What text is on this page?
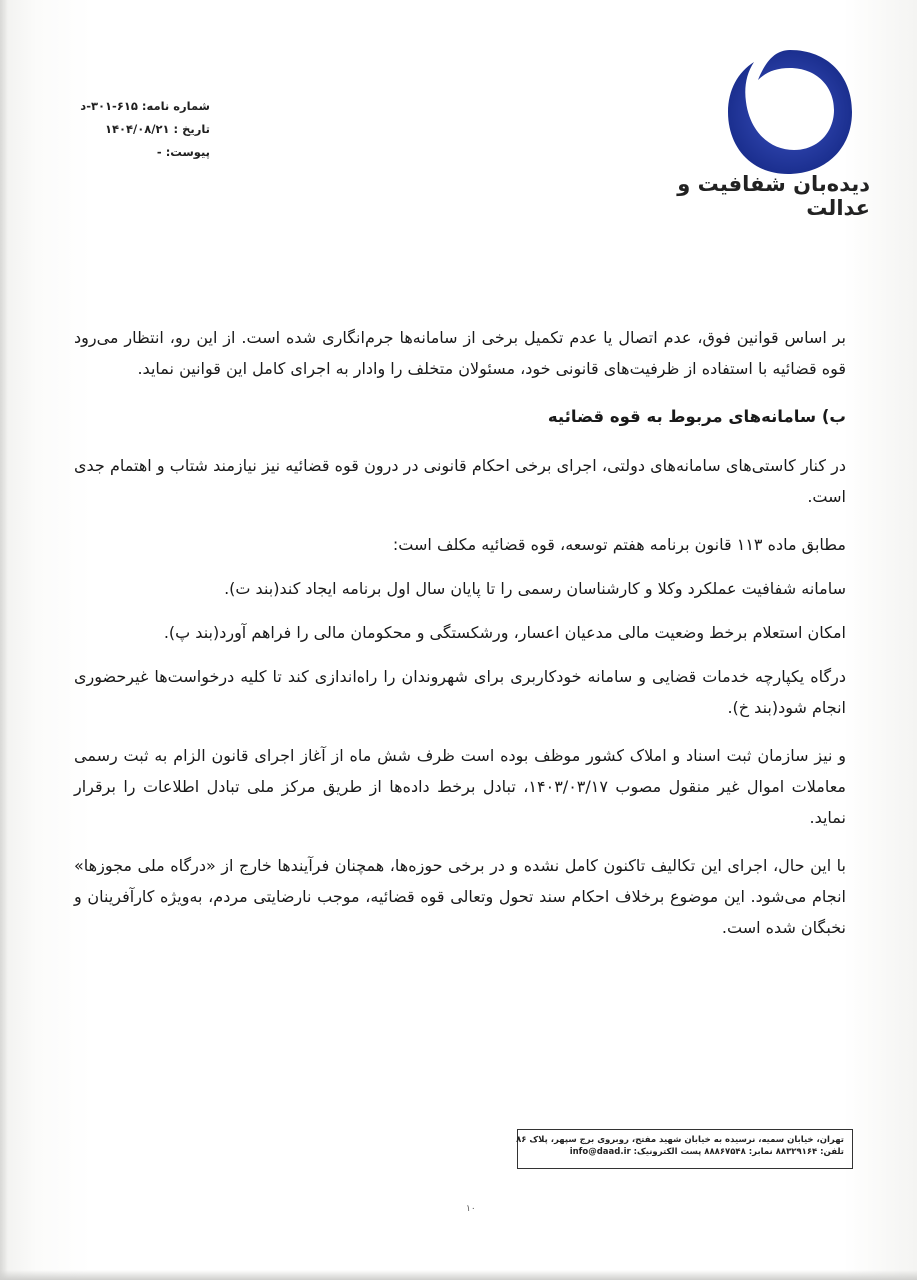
دیده‌بان شفافیت و عدالت
شماره نامه: ۶۱۵-۳۰۱-د
تاریخ : ۱۴۰۴/۰۸/۲۱
پیوست: -

بر اساس قوانین فوق، عدم اتصال یا عدم تکمیل برخی از سامانه‌ها جرم‌انگاری شده است. از این رو، انتظار می‌رود قوه قضائیه با استفاده از ظرفیت‌های قانونی خود، مسئولان متخلف را وادار به اجرای کامل این قوانین نماید.

ب) سامانه‌های مربوط به قوه قضائیه

در کنار کاستی‌های سامانه‌های دولتی، اجرای برخی احکام قانونی در درون قوه قضائیه نیز نیازمند شتاب و اهتمام جدی است.

مطابق ماده ۱۱۳ قانون برنامه هفتم توسعه، قوه قضائیه مکلف است:

سامانه شفافیت عملکرد وکلا و کارشناسان رسمی را تا پایان سال اول برنامه ایجاد کند(بند ت).

امکان استعلام برخط وضعیت مالی مدعیان اعسار، ورشکستگی و محکومان مالی را فراهم آورد(بند پ).

درگاه یکپارچه خدمات قضایی و سامانه خودکاربری برای شهروندان را راه‌اندازی کند تا کلیه درخواست‌ها غیرحضوری انجام شود(بند خ).

و نیز سازمان ثبت اسناد و املاک کشور موظف بوده است ظرف شش ماه از آغاز اجرای قانون الزام به ثبت رسمی معاملات اموال غیر منقول مصوب ۱۴۰۳/۰۳/۱۷، تبادل برخط داده‌ها از طریق مرکز ملی تبادل اطلاعات را برقرار نماید.

با این حال، اجرای این تکالیف تاکنون کامل نشده و در برخی حوزه‌ها، همچنان فرآیندها خارج از «درگاه ملی مجوزها» انجام می‌شود. این موضوع برخلاف احکام سند تحول وتعالی قوه قضائیه، موجب نارضایتی مردم، به‌ویژه کارآفرینان و نخبگان شده است.

تهران، خیابان سمیه، نرسیده به خیابان شهید مفتح، روبروی برج سپهر، پلاک ۸۶
تلفن: ۸۸۳۲۹۱۶۴ نمابر: ۸۸۸۶۷۵۴۸ پست الکترونیک: info@daad.ir
۱۰
